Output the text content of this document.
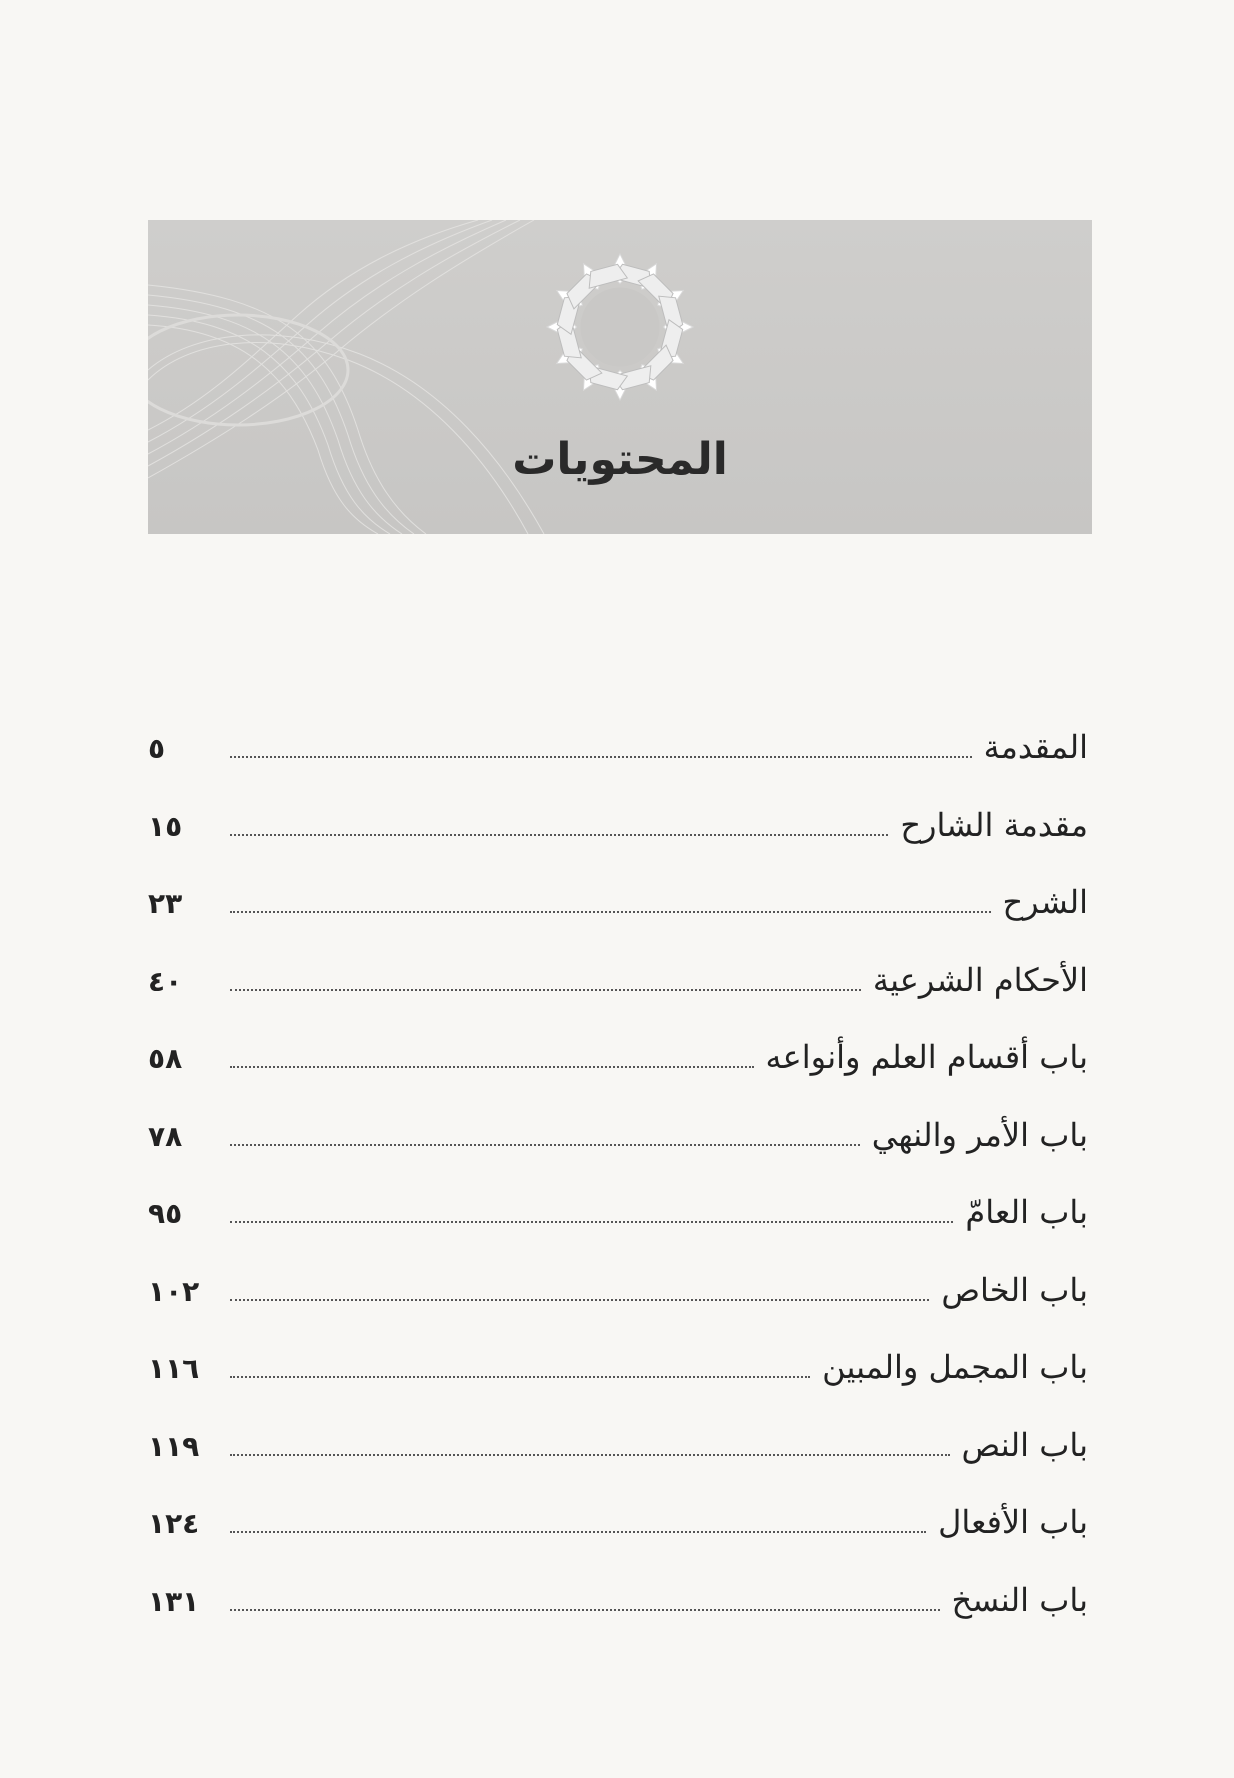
المحتويات
المقدمة
٥
مقدمة الشارح
١٥
الشرح
٢٣
الأحكام الشرعية
٤٠
باب أقسام العلم وأنواعه
٥٨
باب الأمر والنهي
٧٨
باب العامّ
٩٥
باب الخاص
١٠٢
باب المجمل والمبين
١١٦
باب النص
١١٩
باب الأفعال
١٢٤
باب النسخ
١٣١
